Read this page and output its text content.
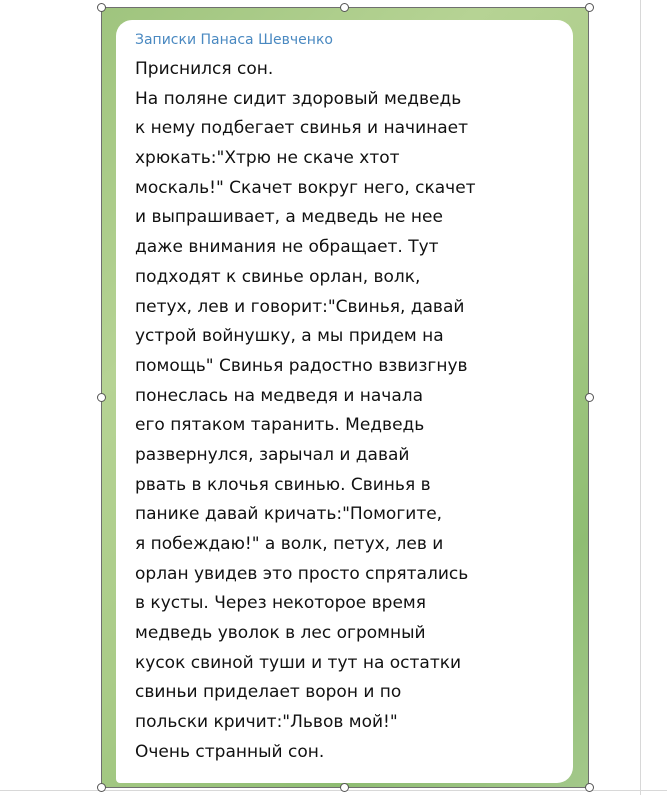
Записки Панаса Шевченко
Приснился сон.
На поляне сидит здоровый медведь
к нему подбегает свинья и начинает
хрюкать:"Хтрю не скаче хтот
москаль!" Скачет вокруг него, скачет
и выпрашивает, а медведь не нее
даже внимания не обращает. Тут
подходят к свинье орлан, волк,
петух, лев и говорит:"Свинья, давай
устрой войнушку, а мы придем на
помощь" Свинья радостно взвизгнув
понеслась на медведя и начала
его пятаком таранить. Медведь
развернулся, зарычал и давай
рвать в клочья свинью. Свинья в
панике давай кричать:"Помогите,
я побеждаю!" а волк, петух, лев и
орлан увидев это просто спрятались
в кусты. Через некоторое время
медведь уволок в лес огромный
кусок свиной туши и тут на остатки
свиньи приделает ворон и по
польски кричит:"Львов мой!"
Очень странный сон.
